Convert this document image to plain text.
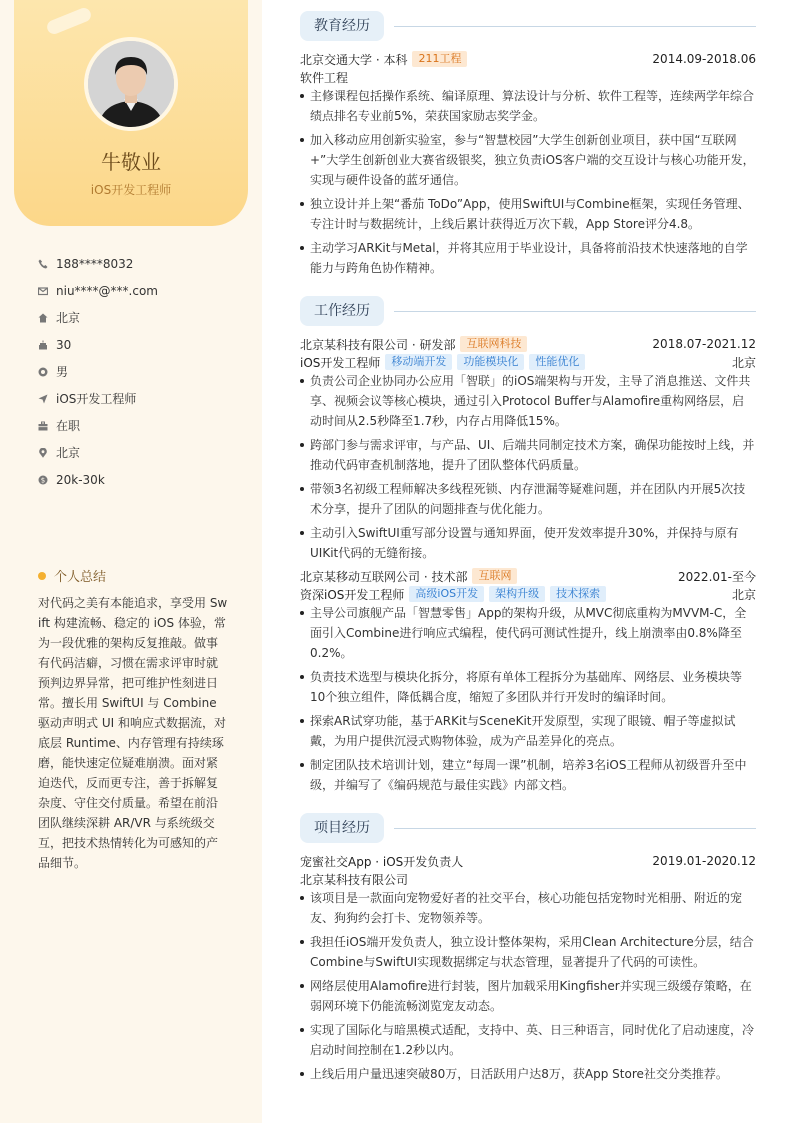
牛敬业
iOS开发工程师
188****8032
niu****@***.com
北京
30
男
iOS开发工程师
在职
北京
$ 20k-30k
个人总结
对代码之美有本能追求，享受用 Swift 构建流畅、稳定的 iOS 体验，常为一段优雅的架构反复推敲。做事有代码洁癖，习惯在需求评审时就预判边界异常，把可维护性刻进日常。擅长用 SwiftUI 与 Combine 驱动声明式 UI 和响应式数据流，对底层 Runtime、内存管理有持续琢磨，能快速定位疑难崩溃。面对紧迫迭代，反而更专注，善于拆解复杂度、守住交付质量。希望在前沿团队继续深耕 AR/VR 与系统级交互，把技术热情转化为可感知的产品细节。
教育经历
北京交通大学 · 本科	211工程	2014.09-2018.06
软件工程
主修课程包括操作系统、编译原理、算法设计与分析、软件工程等，连续两学年综合绩点排名专业前5%，荣获国家励志奖学金。
加入移动应用创新实验室，参与“智慧校园”大学生创新创业项目，获中国“互联网+”大学生创新创业大赛省级银奖，独立负责iOS客户端的交互设计与核心功能开发，实现与硬件设备的蓝牙通信。
独立设计并上架“番茄 ToDo”App，使用SwiftUI与Combine框架，实现任务管理、专注计时与数据统计，上线后累计获得近万次下载，App Store评分4.8。
主动学习ARKit与Metal，并将其应用于毕业设计，具备将前沿技术快速落地的自学能力与跨角色协作精神。
工作经历
北京某科技有限公司 · 研发部	互联网科技	2018.07-2021.12
iOS开发工程师	移动端开发	功能模块化	性能优化	北京
负责公司企业协同办公应用「智联」的iOS端架构与开发，主导了消息推送、文件共享、视频会议等核心模块，通过引入Protocol Buffer与Alamofire重构网络层，启动时间从2.5秒降至1.7秒，内存占用降低15%。
跨部门参与需求评审，与产品、UI、后端共同制定技术方案，确保功能按时上线，并推动代码审查机制落地，提升了团队整体代码质量。
带领3名初级工程师解决多线程死锁、内存泄漏等疑难问题，并在团队内开展5次技术分享，提升了团队的问题排查与优化能力。
主动引入SwiftUI重写部分设置与通知界面，使开发效率提升30%，并保持与原有UIKit代码的无缝衔接。
北京某移动互联网公司 · 技术部	互联网	2022.01-至今
资深iOS开发工程师	高级iOS开发	架构升级	技术探索	北京
主导公司旗舰产品「智慧零售」App的架构升级，从MVC彻底重构为MVVM-C，全面引入Combine进行响应式编程，使代码可测试性提升，线上崩溃率由0.8%降至0.2%。
负责技术选型与模块化拆分，将原有单体工程拆分为基础库、网络层、业务模块等10个独立组件，降低耦合度，缩短了多团队并行开发时的编译时间。
探索AR试穿功能，基于ARKit与SceneKit开发原型，实现了眼镜、帽子等虚拟试戴，为用户提供沉浸式购物体验，成为产品差异化的亮点。
制定团队技术培训计划，建立“每周一课”机制，培养3名iOS工程师从初级晋升至中级，并编写了《编码规范与最佳实践》内部文档。
项目经历
宠蜜社交App · iOS开发负责人	2019.01-2020.12
北京某科技有限公司
该项目是一款面向宠物爱好者的社交平台，核心功能包括宠物时光相册、附近的宠友、狗狗约会打卡、宠物领养等。
我担任iOS端开发负责人，独立设计整体架构，采用Clean Architecture分层，结合Combine与SwiftUI实现数据绑定与状态管理，显著提升了代码的可读性。
网络层使用Alamofire进行封装，图片加载采用Kingfisher并实现三级缓存策略，在弱网环境下仍能流畅浏览宠友动态。
实现了国际化与暗黑模式适配，支持中、英、日三种语言，同时优化了启动速度，冷启动时间控制在1.2秒以内。
上线后用户量迅速突破80万，日活跃用户达8万，获App Store社交分类推荐。
